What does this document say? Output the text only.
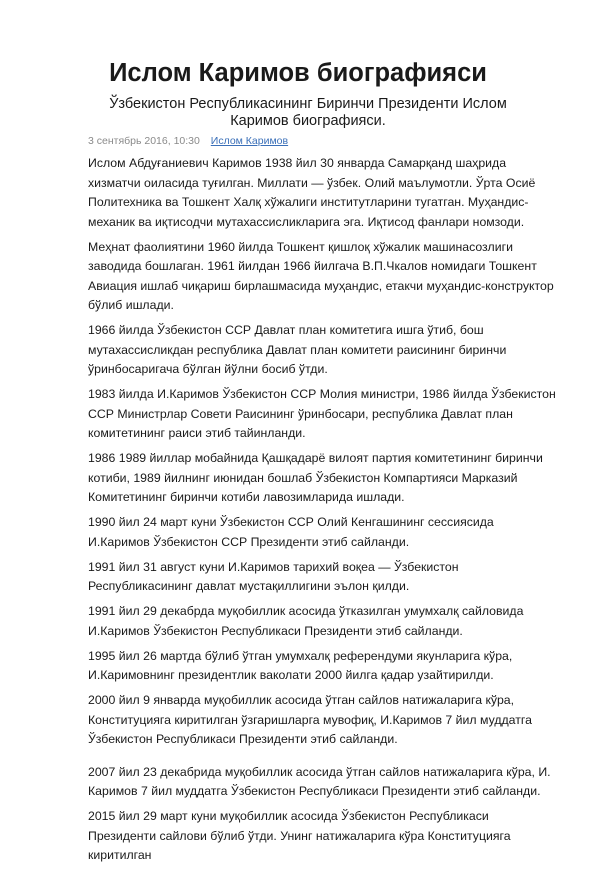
Ислом Каримов биографияси

Ўзбекистон Республикасининг Биринчи Президенти Ислом Каримов биографияси.

3 сентябрь 2016, 10:30 Ислом Каримов

Ислом Абдуғаниевич Каримов 1938 йил 30 январда Самарқанд шаҳрида хизматчи оиласида туғилган. Миллати — ўзбек. Олий маълумотли. Ўрта Осиё Политехника ва Тошкент Халқ хўжалиги институтларини тугатган. Муҳандис-механик ва иқтисодчи мутахассисликларига эга. Иқтисод фанлари номзоди.

Меҳнат фаолиятини 1960 йилда Тошкент қишлоқ хўжалик машинасозлиги заводида бошлаган. 1961 йилдан 1966 йилгача В.П.Чкалов номидаги Тошкент Авиация ишлаб чиқариш бирлашмасида муҳандис, етакчи муҳандис-конструктор бўлиб ишлади.

1966 йилда Ўзбекистон ССР Давлат план комитетига ишга ўтиб, бош мутахассисликдан республика Давлат план комитети раисининг биринчи ўринбосаригача бўлган йўлни босиб ўтди.

1983 йилда И.Каримов Ўзбекистон ССР Молия министри, 1986 йилда Ўзбекистон ССР Министрлар Совети Раисининг ўринбосари, республика Давлат план комитетининг раиси этиб тайинланди.

1986 1989 йиллар мобайнида Қашқадарё вилоят партия комитетининг биринчи котиби, 1989 йилнинг июнидан бошлаб Ўзбекистон Компартияси Марказий Комитетининг биринчи котиби лавозимларида ишлади.

1990 йил 24 март куни Ўзбекистон ССР Олий Кенгашининг сессиясида И.Каримов Ўзбекистон ССР Президенти этиб сайланди.

1991 йил 31 август куни И.Каримов тарихий воқеа — Ўзбекистон Республикасининг давлат мустақиллигини эълон қилди.

1991 йил 29 декабрда муқобиллик асосида ўтказилган умумхалқ сайловида И.Каримов Ўзбекистон Республикаси Президенти этиб сайланди.

1995 йил 26 мартда бўлиб ўтган умумхалқ референдуми якунларига кўра, И.Каримовнинг президентлик ваколати 2000 йилга қадар узайтирилди.

2000 йил 9 январда муқобиллик асосида ўтган сайлов натижаларига кўра, Конституцияга киритилган ўзгаришларга мувофиқ, И.Каримов 7 йил муддатга Ўзбекистон Республикаси Президенти этиб сайланди.

2007 йил 23 декабрида муқобиллик асосида ўтган сайлов натижаларига кўра, И. Каримов 7 йил муддатга Ўзбекистон Республикаси Президенти этиб сайланди.

2015 йил 29 март куни муқобиллик асосида Ўзбекистон Республикаси Президенти сайлови бўлиб ўтди. Унинг натижаларига кўра Конституцияга киритилган
